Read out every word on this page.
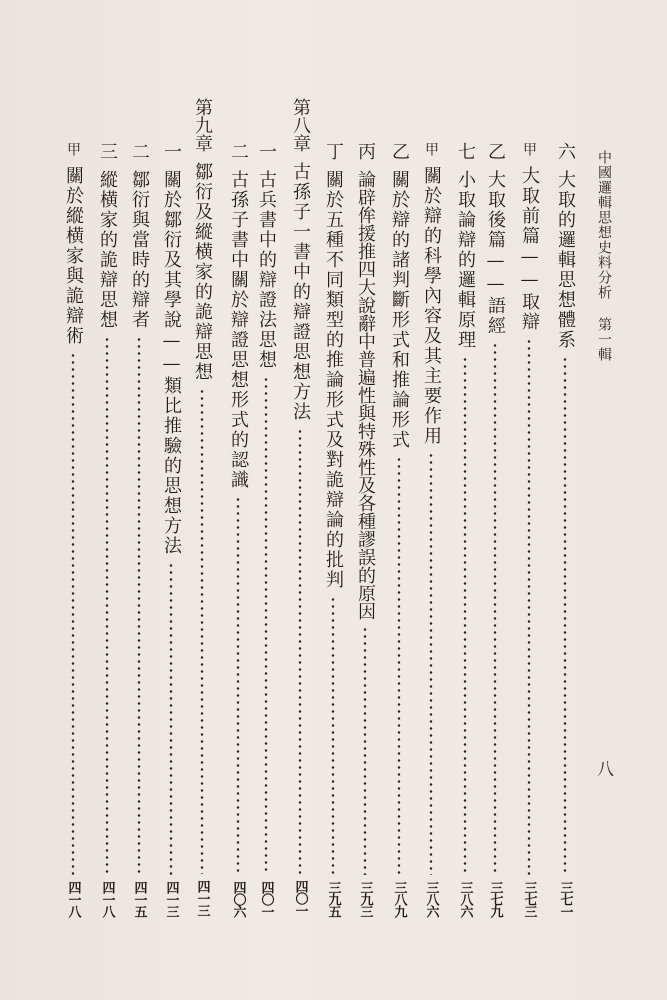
中國邏輯思想史料分析 第一輯
八
六
大取的邏輯思想體系
三七一
甲
大取前篇——取辯
三七三
乙
大取後篇——語經
三七九
七
小取論辯的邏輯原理
三八六
甲
關於辯的科學內容及其主要作用
三八六
乙
關於辯的諸判斷形式和推論形式
三八九
丙
論辟侔援推四大說辭中普遍性與特殊性及各種謬誤的原因
三九三
丁
關於五種不同類型的推論形式及對詭辯論的批判
三九五
第八章
古孫子一書中的辯證思想方法
四〇一
一
古兵書中的辯證法思想
四〇一
二
古孫子書中關於辯證思想形式的認識
四〇六
第九章
鄒衍及縱横家的詭辯思想
四一三
一
關於鄒衍及其學說——類比推驗的思想方法
四一三
二
鄒衍與當時的辯者
四一五
三
縱横家的詭辯思想
四一八
甲
關於縱横家與詭辯術
四一八
